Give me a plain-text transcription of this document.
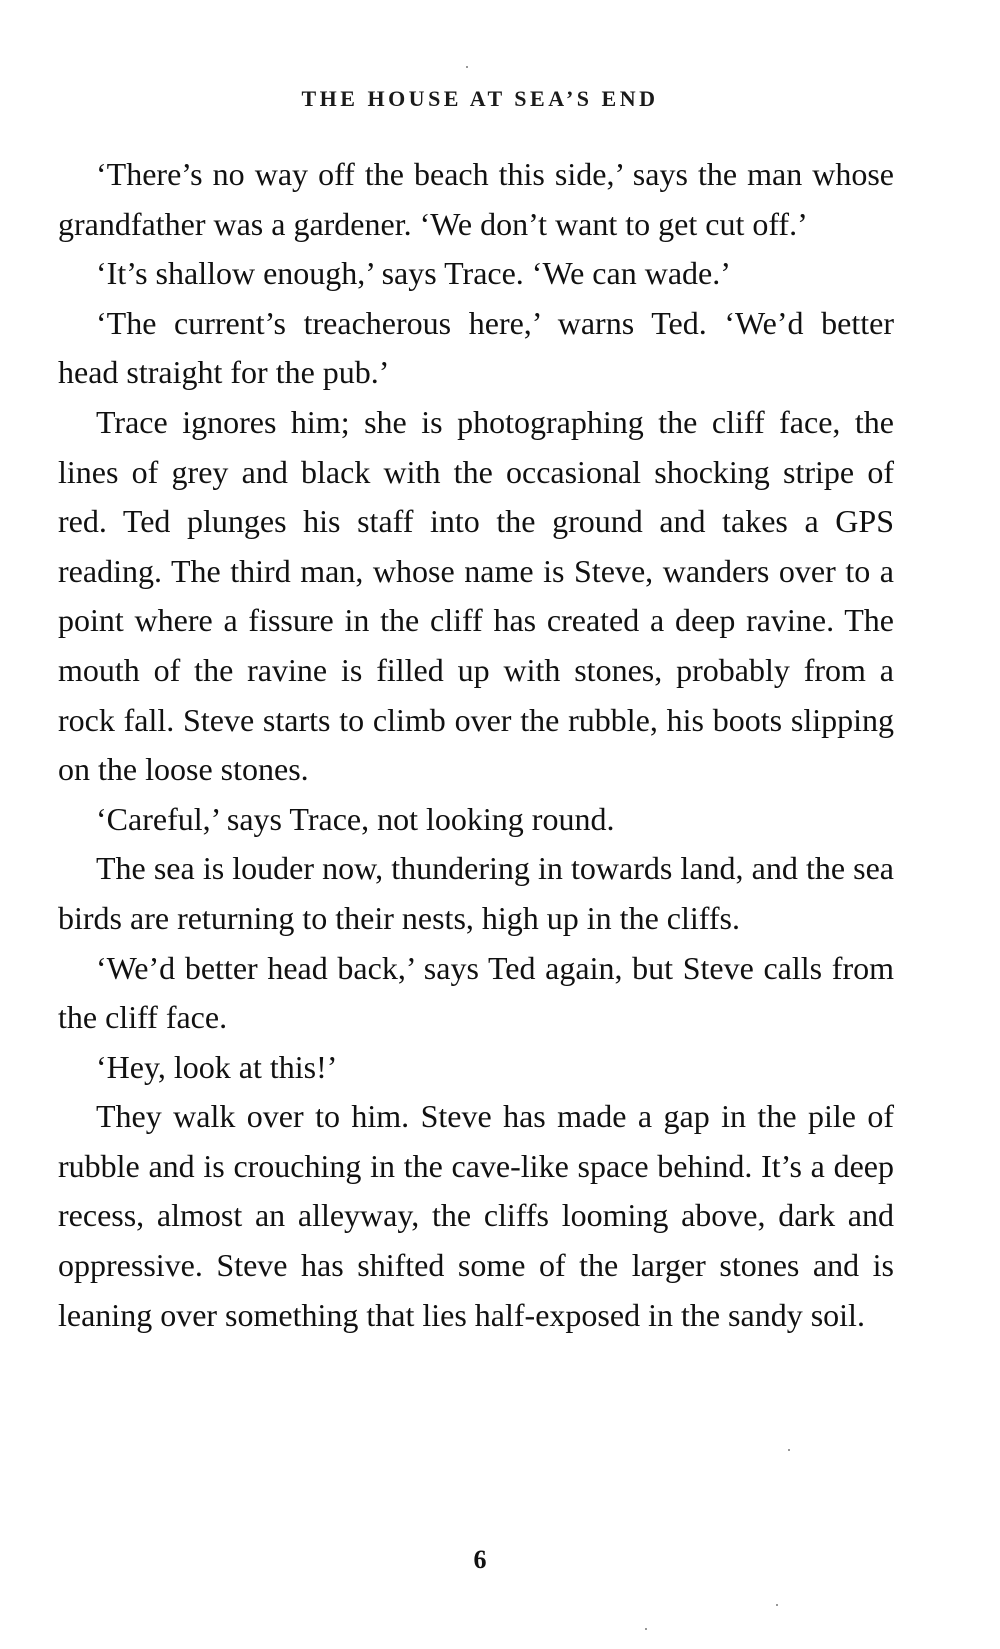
THE HOUSE AT SEA’S END

‘There’s no way off the beach this side,’ says the man whose grandfather was a gardener. ‘We don’t want to get cut off.’

‘It’s shallow enough,’ says Trace. ‘We can wade.’

‘The current’s treacherous here,’ warns Ted. ‘We’d better head straight for the pub.’

Trace ignores him; she is photographing the cliff face, the lines of grey and black with the occasional shocking stripe of red. Ted plunges his staff into the ground and takes a GPS reading. The third man, whose name is Steve, wanders over to a point where a fissure in the cliff has created a deep ravine. The mouth of the ravine is filled up with stones, probably from a rock fall. Steve starts to climb over the rubble, his boots slipping on the loose stones.

‘Careful,’ says Trace, not looking round.

The sea is louder now, thundering in towards land, and the sea birds are returning to their nests, high up in the cliffs.

‘We’d better head back,’ says Ted again, but Steve calls from the cliff face.

‘Hey, look at this!’

They walk over to him. Steve has made a gap in the pile of rubble and is crouching in the cave-like space behind. It’s a deep recess, almost an alleyway, the cliffs looming above, dark and oppressive. Steve has shifted some of the larger stones and is leaning over something that lies half-exposed in the sandy soil.

6
